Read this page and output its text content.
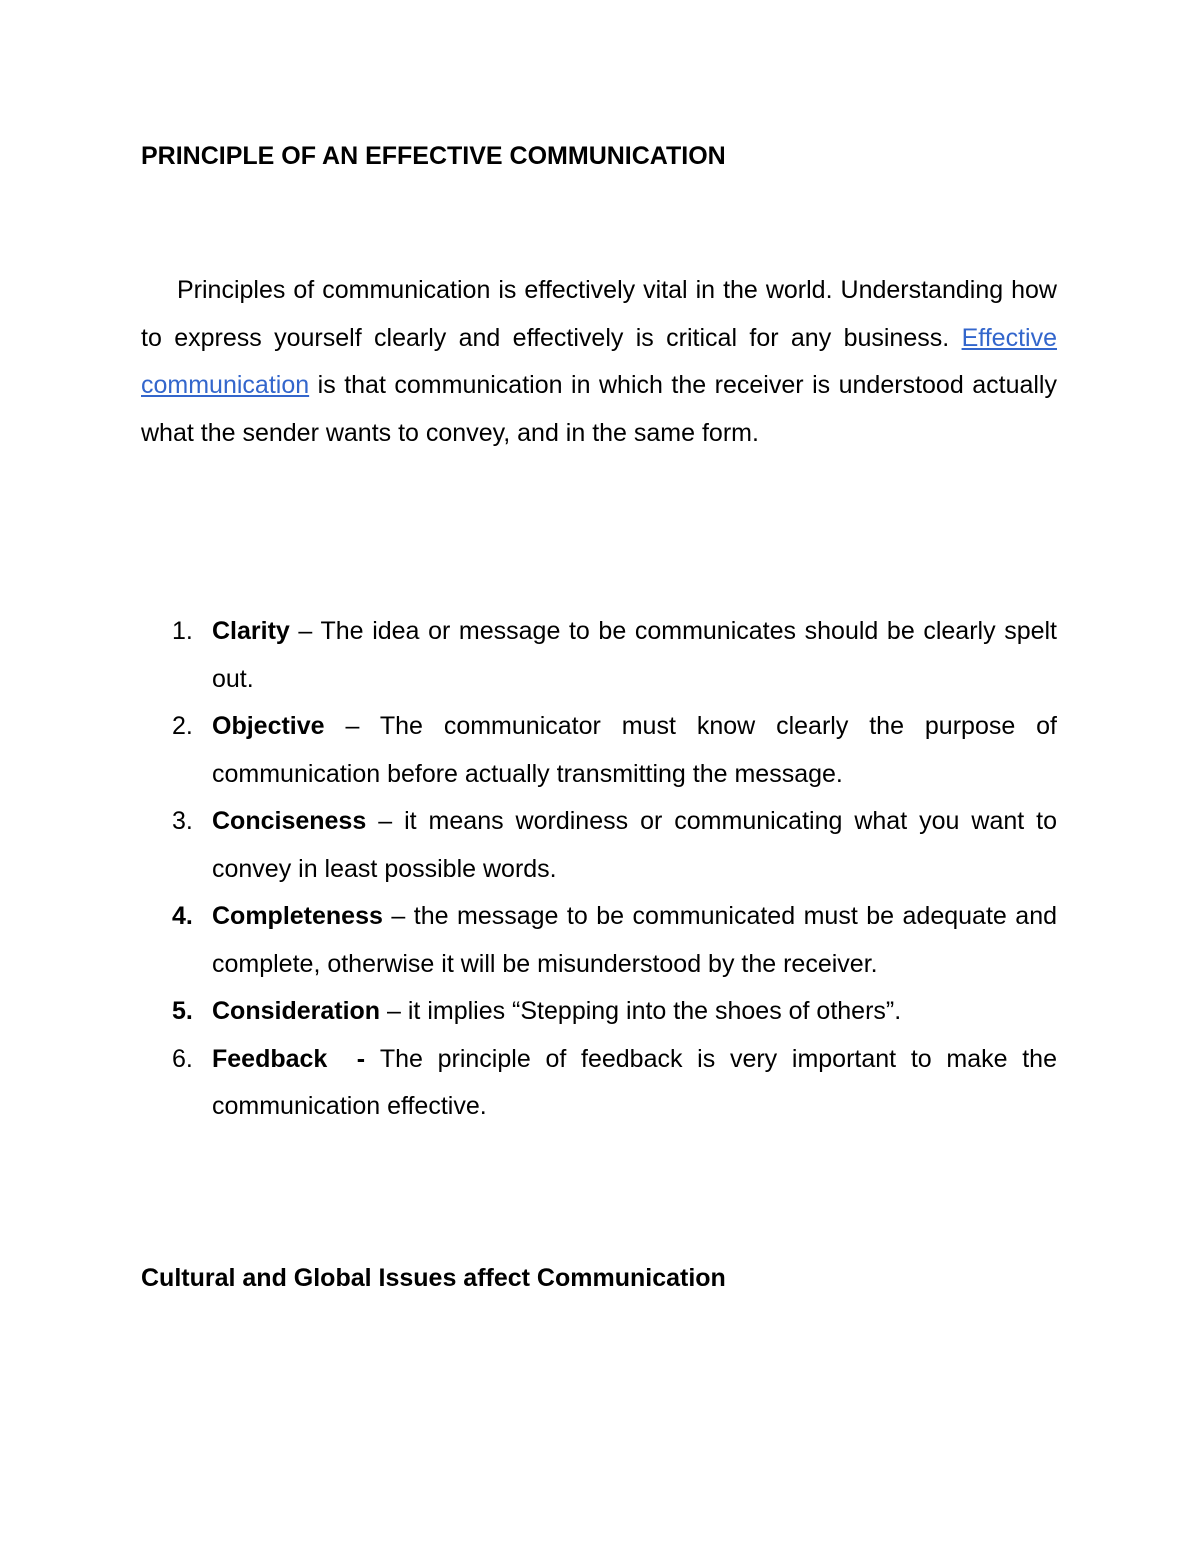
PRINCIPLE OF AN EFFECTIVE COMMUNICATION

Principles of communication is effectively vital in the world. Understanding how to express yourself clearly and effectively is critical for any business. Effective communication is that communication in which the receiver is understood actually what the sender wants to convey, and in the same form.

1. Clarity – The idea or message to be communicates should be clearly spelt out.
2. Objective – The communicator must know clearly the purpose of communication before actually transmitting the message.
3. Conciseness – it means wordiness or communicating what you want to convey in least possible words.
4. Completeness – the message to be communicated must be adequate and complete, otherwise it will be misunderstood by the receiver.
5. Consideration – it implies “Stepping into the shoes of others”.
6. Feedback  - The principle of feedback is very important to make the communication effective.
Cultural and Global Issues affect Communication
